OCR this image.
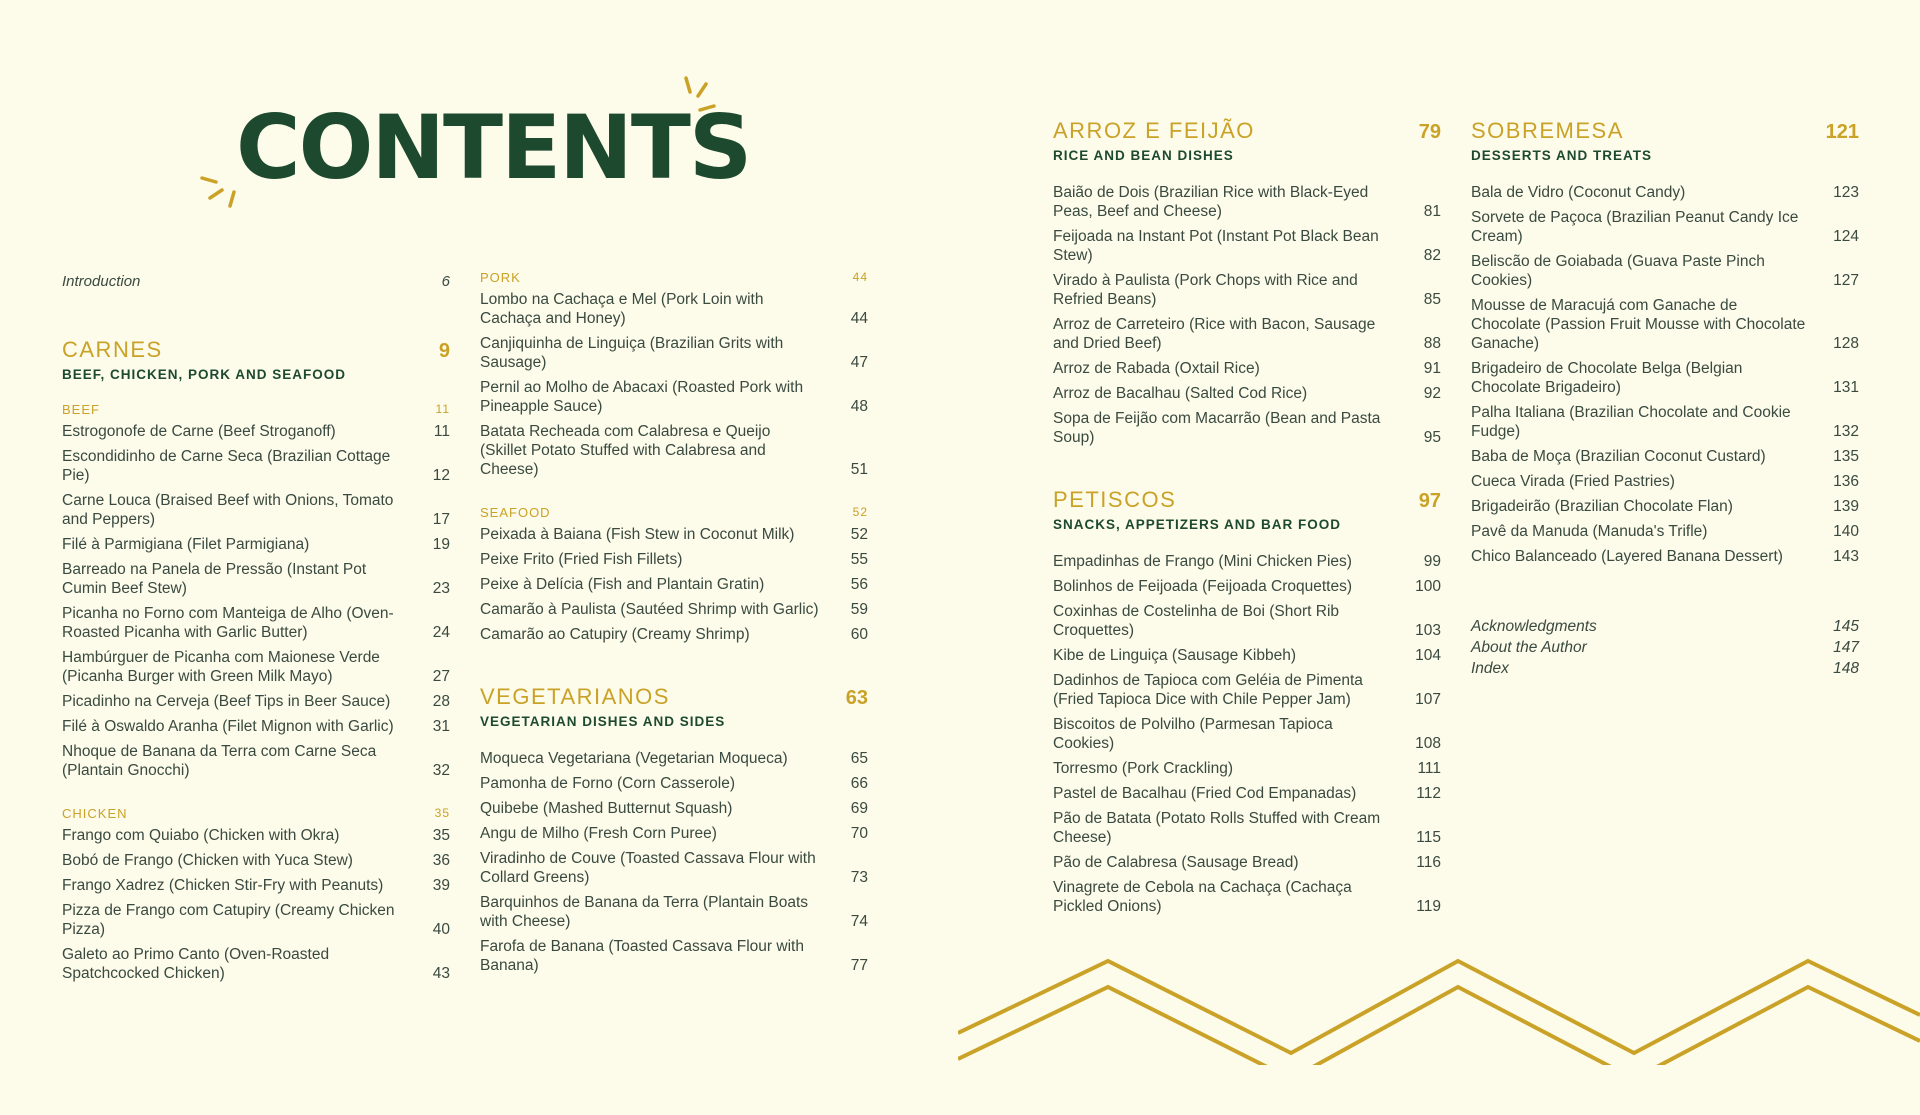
CONTENTS
Introduction	6
CARNES	9
BEEF, CHICKEN, PORK AND SEAFOOD
BEEF	11
Estrogonofe de Carne (Beef Stroganoff)	11
Escondidinho de Carne Seca (Brazilian Cottage Pie)	12
Carne Louca (Braised Beef with Onions, Tomato and Peppers)	17
Filé à Parmigiana (Filet Parmigiana)	19
Barreado na Panela de Pressão (Instant Pot Cumin Beef Stew)	23
Picanha no Forno com Manteiga de Alho (Oven-Roasted Picanha with Garlic Butter)	24
Hambúrguer de Picanha com Maionese Verde (Picanha Burger with Green Milk Mayo)	27
Picadinho na Cerveja (Beef Tips in Beer Sauce)	28
Filé à Oswaldo Aranha (Filet Mignon with Garlic)	31
Nhoque de Banana da Terra com Carne Seca (Plantain Gnocchi)	32
CHICKEN	35
Frango com Quiabo (Chicken with Okra)	35
Bobó de Frango (Chicken with Yuca Stew)	36
Frango Xadrez (Chicken Stir-Fry with Peanuts)	39
Pizza de Frango com Catupiry (Creamy Chicken Pizza)	40
Galeto ao Primo Canto (Oven-Roasted Spatchcocked Chicken)	43
PORK	44
Lombo na Cachaça e Mel (Pork Loin with Cachaça and Honey)	44
Canjiquinha de Linguiça (Brazilian Grits with Sausage)	47
Pernil ao Molho de Abacaxi (Roasted Pork with Pineapple Sauce)	48
Batata Recheada com Calabresa e Queijo (Skillet Potato Stuffed with Calabresa and Cheese)	51
SEAFOOD	52
Peixada à Baiana (Fish Stew in Coconut Milk)	52
Peixe Frito (Fried Fish Fillets)	55
Peixe à Delícia (Fish and Plantain Gratin)	56
Camarão à Paulista (Sautéed Shrimp with Garlic)	59
Camarão ao Catupiry (Creamy Shrimp)	60
VEGETARIANOS	63
VEGETARIAN DISHES AND SIDES
Moqueca Vegetariana (Vegetarian Moqueca)	65
Pamonha de Forno (Corn Casserole)	66
Quibebe (Mashed Butternut Squash)	69
Angu de Milho (Fresh Corn Puree)	70
Viradinho de Couve (Toasted Cassava Flour with Collard Greens)	73
Barquinhos de Banana da Terra (Plantain Boats with Cheese)	74
Farofa de Banana (Toasted Cassava Flour with Banana)	77
ARROZ E FEIJÃO	79
RICE AND BEAN DISHES
Baião de Dois (Brazilian Rice with Black-Eyed Peas, Beef and Cheese)	81
Feijoada na Instant Pot (Instant Pot Black Bean Stew)	82
Virado à Paulista (Pork Chops with Rice and Refried Beans)	85
Arroz de Carreteiro (Rice with Bacon, Sausage and Dried Beef)	88
Arroz de Rabada (Oxtail Rice)	91
Arroz de Bacalhau (Salted Cod Rice)	92
Sopa de Feijão com Macarrão (Bean and Pasta Soup)	95
PETISCOS	97
SNACKS, APPETIZERS AND BAR FOOD
Empadinhas de Frango (Mini Chicken Pies)	99
Bolinhos de Feijoada (Feijoada Croquettes)	100
Coxinhas de Costelinha de Boi (Short Rib Croquettes)	103
Kibe de Linguiça (Sausage Kibbeh)	104
Dadinhos de Tapioca com Geléia de Pimenta (Fried Tapioca Dice with Chile Pepper Jam)	107
Biscoitos de Polvilho (Parmesan Tapioca Cookies)	108
Torresmo (Pork Crackling)	111
Pastel de Bacalhau (Fried Cod Empanadas)	112
Pão de Batata (Potato Rolls Stuffed with Cream Cheese)	115
Pão de Calabresa (Sausage Bread)	116
Vinagrete de Cebola na Cachaça (Cachaça Pickled Onions)	119
SOBREMESA	121
DESSERTS AND TREATS
Bala de Vidro (Coconut Candy)	123
Sorvete de Paçoca (Brazilian Peanut Candy Ice Cream)	124
Beliscão de Goiabada (Guava Paste Pinch Cookies)	127
Mousse de Maracujá com Ganache de Chocolate (Passion Fruit Mousse with Chocolate Ganache)	128
Brigadeiro de Chocolate Belga (Belgian Chocolate Brigadeiro)	131
Palha Italiana (Brazilian Chocolate and Cookie Fudge)	132
Baba de Moça (Brazilian Coconut Custard)	135
Cueca Virada (Fried Pastries)	136
Brigadeirão (Brazilian Chocolate Flan)	139
Pavê da Manuda (Manuda's Trifle)	140
Chico Balanceado (Layered Banana Dessert)	143
Acknowledgments	145
About the Author	147
Index	148
